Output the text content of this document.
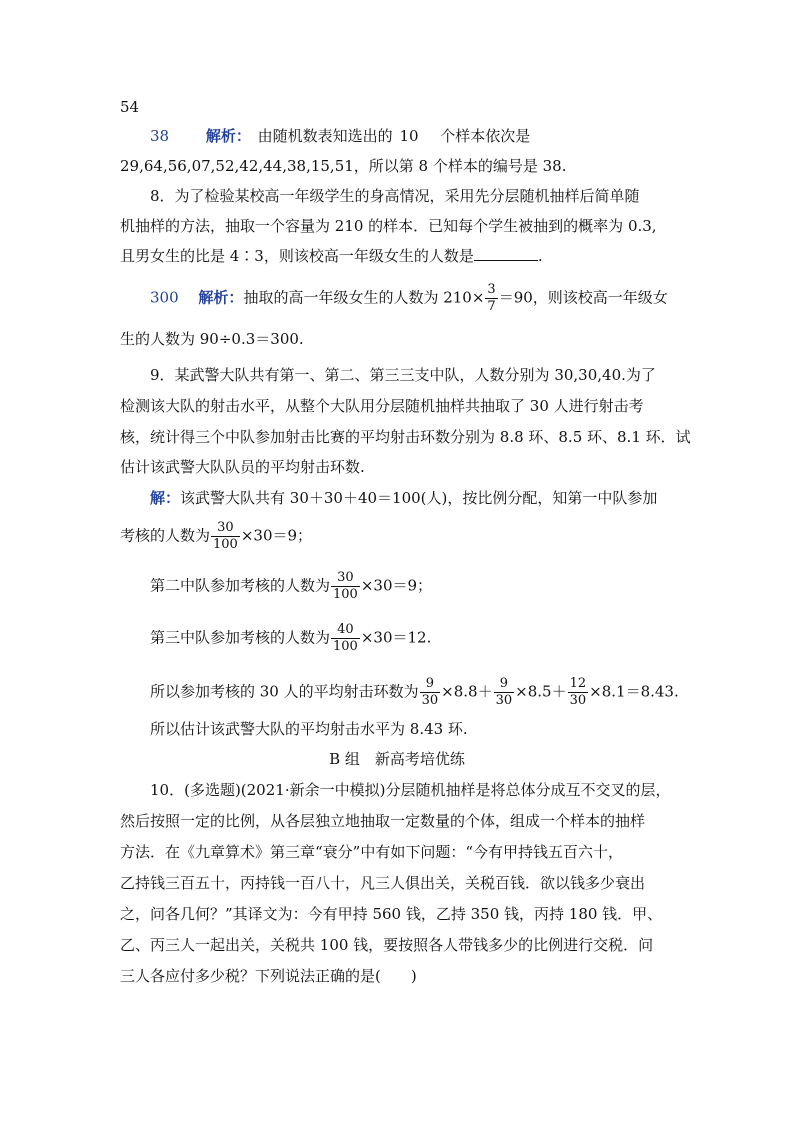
54
38　　 解析： 由随机数表知选出的 10　 个样本依次是
29,64,56,07,52,42,44,38,15,51，所以第 8 个样本的编号是 38.
8．为了检验某校高一年级学生的身高情况，采用先分层随机抽样后简单随
机抽样的方法，抽取一个容量为 210 的样本．已知每个学生被抽到的概率为 0.3,
且男女生的比是 4∶3，则该校高一年级女生的人数是	.
300　 解析：抽取的高一年级女生的人数为 $210\times \frac{3}{7} =90$，则该校高一年级女
生的人数为 90÷0.3＝300.
9．某武警大队共有第一、第二、第三三支中队，人数分别为 30,30,40.为了
检测该大队的射击水平，从整个大队用分层随机抽样共抽取了 30 人进行射击考
核，统计得三个中队参加射击比赛的平均射击环数分别为 8.8 环、8.5 环、8.1 环．试
估计该武警大队队员的平均射击环数.
解：该武警大队共有 30＋30＋40＝100(人)，按比例分配，知第一中队参加
考核的人数为 $\frac{30}{100} \times 30=9$；
第二中队参加考核的人数为 $\frac{30}{100} \times 30=9$；
第三中队参加考核的人数为 $\frac{40}{100} \times 30=12$.
所以参加考核的 30 人的平均射击环数为 $\frac{9}{30} \times 8.8+ \frac{9}{30} \times 8.5+ \frac{12}{30} \times 8.1=8.43$.
所以估计该武警大队的平均射击水平为 8.43 环.
B 组　新高考培优练
10．(多选题)(2021·新余一中模拟)分层随机抽样是将总体分成互不交叉的层，
然后按照一定的比例，从各层独立地抽取一定数量的个体，组成一个样本的抽样
方法．在《九章算术》第三章“衰分”中有如下问题：“今有甲持钱五百六十，
乙持钱三百五十，丙持钱一百八十，凡三人俱出关，关税百钱．欲以钱多少衰出
之，问各几何？”其译文为：今有甲持 560 钱，乙持 350 钱，丙持 180 钱．甲、
乙、丙三人一起出关，关税共 100 钱，要按照各人带钱多少的比例进行交税．问
三人各应付多少税？下列说法正确的是(　　)
